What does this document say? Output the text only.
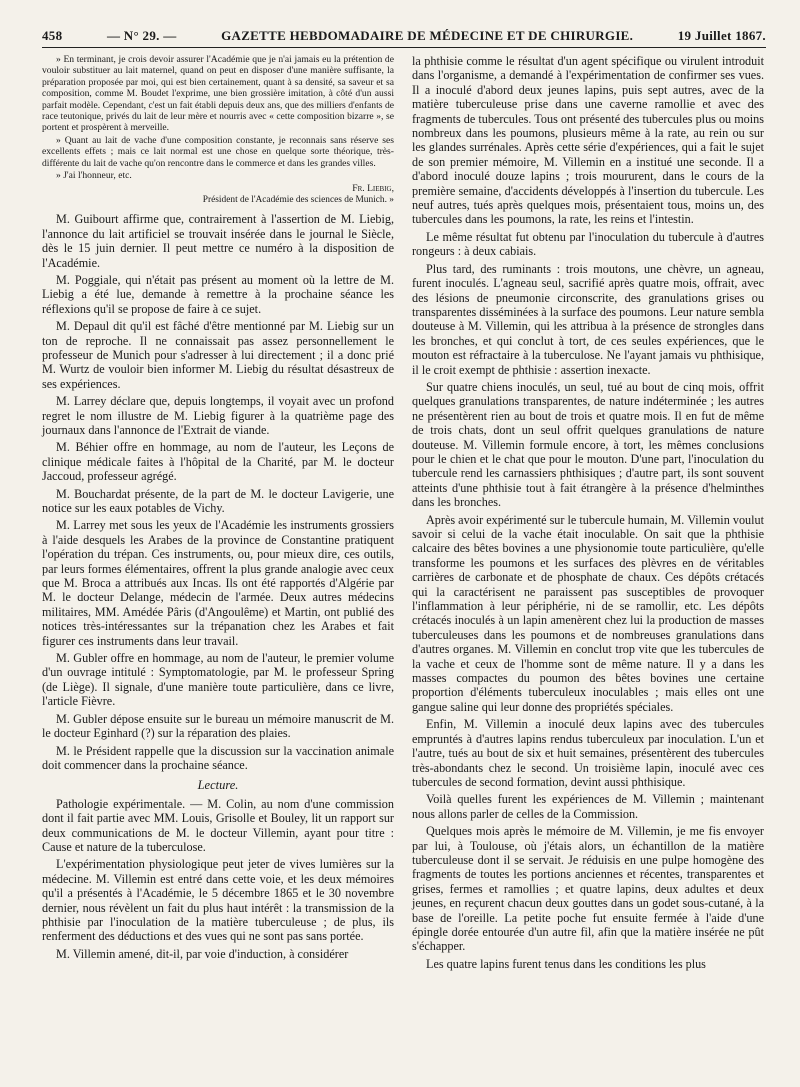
458	— N° 29. —	GAZETTE HEBDOMADAIRE DE MÉDECINE ET DE CHIRURGIE.	19 Juillet 1867.

» En terminant, je crois devoir assurer l'Académie que je n'ai jamais eu la prétention de vouloir substituer au lait maternel, quand on peut en disposer d'une manière suffisante, la préparation proposée par moi, qui est bien certainement, quant à sa densité, sa saveur et sa composition, comme M. Boudet l'exprime, une bien grossière imitation, à côté d'un aussi parfait modèle. Cependant, c'est un fait établi depuis deux ans, que des milliers d'enfants de race teutonique, privés du lait de leur mère et nourris avec « cette composition bizarre », se portent et prospèrent à merveille.

» Quant au lait de vache d'une composition constante, je reconnais sans réserve ses excellents effets ; mais ce lait normal est une chose en quelque sorte théorique, très-différente du lait de vache qu'on rencontre dans le commerce et dans les grandes villes.

» J'ai l'honneur, etc.

Fr. Liebig,
Président de l'Académie des sciences de Munich. »

M. Guibourt affirme que, contrairement à l'assertion de M. Liebig, l'annonce du lait artificiel se trouvait insérée dans le journal le Siècle, dès le 15 juin dernier. Il peut mettre ce numéro à la disposition de l'Académie.

M. Poggiale, qui n'était pas présent au moment où la lettre de M. Liebig a été lue, demande à remettre à la prochaine séance les réflexions qu'il se propose de faire à ce sujet.

M. Depaul dit qu'il est fâché d'être mentionné par M. Liebig sur un ton de reproche. Il ne connaissait pas assez personnellement le professeur de Munich pour s'adresser à lui directement ; il a donc prié M. Wurtz de vouloir bien informer M. Liebig du résultat désastreux de ses expériences.

M. Larrey déclare que, depuis longtemps, il voyait avec un profond regret le nom illustre de M. Liebig figurer à la quatrième page des journaux dans l'annonce de l'Extrait de viande.

M. Béhier offre en hommage, au nom de l'auteur, les Leçons de clinique médicale faites à l'hôpital de la Charité, par M. le docteur Jaccoud, professeur agrégé.

M. Bouchardat présente, de la part de M. le docteur Lavigerie, une notice sur les eaux potables de Vichy.

M. Larrey met sous les yeux de l'Académie les instruments grossiers à l'aide desquels les Arabes de la province de Constantine pratiquent l'opération du trépan. Ces instruments, ou, pour mieux dire, ces outils, par leurs formes élémentaires, offrent la plus grande analogie avec ceux que M. Broca a attribués aux Incas. Ils ont été rapportés d'Algérie par M. le docteur Delange, médecin de l'armée. Deux autres médecins militaires, MM. Amédée Pâris (d'Angoulême) et Martin, ont publié des notices très-intéressantes sur la trépanation chez les Arabes et fait figurer ces instruments dans leur travail.

M. Gubler offre en hommage, au nom de l'auteur, le premier volume d'un ouvrage intitulé : Symptomatologie, par M. le professeur Spring (de Liège). Il signale, d'une manière toute particulière, dans ce livre, l'article Fièvre.

M. Gubler dépose ensuite sur le bureau un mémoire manuscrit de M. le docteur Eginhard (?) sur la réparation des plaies.

M. le Président rappelle que la discussion sur la vaccination animale doit commencer dans la prochaine séance.

Lecture.

Pathologie expérimentale. — M. Colin, au nom d'une commission dont il fait partie avec MM. Louis, Grisolle et Bouley, lit un rapport sur deux communications de M. le docteur Villemin, ayant pour titre : Cause et nature de la tuberculose.

L'expérimentation physiologique peut jeter de vives lumières sur la médecine. M. Villemin est entré dans cette voie, et les deux mémoires qu'il a présentés à l'Académie, le 5 décembre 1865 et le 30 novembre dernier, nous révèlent un fait du plus haut intérêt : la transmission de la phthisie par l'inoculation de la matière tuberculeuse ; de plus, ils renferment des déductions et des vues qui ne sont pas sans portée.

M. Villemin amené, dit-il, par voie d'induction, à considérer

la phthisie comme le résultat d'un agent spécifique ou virulent introduit dans l'organisme, a demandé à l'expérimentation de confirmer ses vues. Il a inoculé d'abord deux jeunes lapins, puis sept autres, avec de la matière tuberculeuse prise dans une caverne ramollie et avec des fragments de tubercules. Tous ont présenté des tubercules plus ou moins nombreux dans les poumons, plusieurs même à la rate, au rein ou sur les glandes surrénales. Après cette série d'expériences, qui a fait le sujet de son premier mémoire, M. Villemin en a institué une seconde. Il a d'abord inoculé douze lapins ; trois moururent, dans le cours de la première semaine, d'accidents développés à l'insertion du tubercule. Les neuf autres, tués après quelques mois, présentaient tous, moins un, des tubercules dans les poumons, la rate, les reins et l'intestin.

Le même résultat fut obtenu par l'inoculation du tubercule à d'autres rongeurs : à deux cabiais.

Plus tard, des ruminants : trois moutons, une chèvre, un agneau, furent inoculés. L'agneau seul, sacrifié après quatre mois, offrait, avec des lésions de pneumonie circonscrite, des granulations grises ou transparentes disséminées à la surface des poumons. Leur nature sembla douteuse à M. Villemin, qui les attribua à la présence de strongles dans les bronches, et qui conclut à tort, de ces seules expériences, que le mouton est réfractaire à la tuberculose. Ne l'ayant jamais vu phthisique, il le croit exempt de phthisie : assertion inexacte.

Sur quatre chiens inoculés, un seul, tué au bout de cinq mois, offrit quelques granulations transparentes, de nature indéterminée ; les autres ne présentèrent rien au bout de trois et quatre mois. Il en fut de même de trois chats, dont un seul offrit quelques granulations de nature douteuse. M. Villemin formule encore, à tort, les mêmes conclusions pour le chien et le chat que pour le mouton. D'une part, l'inoculation du tubercule rend les carnassiers phthisiques ; d'autre part, ils sont souvent atteints d'une phthisie tout à fait étrangère à la présence d'helminthes dans les bronches.

Après avoir expérimenté sur le tubercule humain, M. Villemin voulut savoir si celui de la vache était inoculable. On sait que la phthisie calcaire des bêtes bovines a une physionomie toute particulière, qu'elle transforme les poumons et les surfaces des plèvres en de véritables carrières de carbonate et de phosphate de chaux. Ces dépôts crétacés qui la caractérisent ne paraissent pas susceptibles de provoquer l'inflammation à leur périphérie, ni de se ramollir, etc. Les dépôts crétacés inoculés à un lapin amenèrent chez lui la production de masses tuberculeuses dans les poumons et de nombreuses granulations dans d'autres organes. M. Villemin en conclut trop vite que les tubercules de la vache et ceux de l'homme sont de même nature. Il y a dans les masses compactes du poumon des bêtes bovines une certaine proportion d'éléments tuberculeux inoculables ; mais elles ont une gangue saline qui leur donne des propriétés spéciales.

Enfin, M. Villemin a inoculé deux lapins avec des tubercules empruntés à d'autres lapins rendus tuberculeux par inoculation. L'un et l'autre, tués au bout de six et huit semaines, présentèrent des tubercules très-abondants chez le second. Un troisième lapin, inoculé avec ces tubercules de second formation, devint aussi phthisique.

Voilà quelles furent les expériences de M. Villemin ; maintenant nous allons parler de celles de la Commission.

Quelques mois après le mémoire de M. Villemin, je me fis envoyer par lui, à Toulouse, où j'étais alors, un échantillon de la matière tuberculeuse dont il se servait. Je réduisis en une pulpe homogène des fragments de toutes les portions anciennes et récentes, transparentes et grises, fermes et ramollies ; et quatre lapins, deux adultes et deux jeunes, en reçurent chacun deux gouttes dans un godet sous-cutané, à la base de l'oreille. La petite poche fut ensuite fermée à l'aide d'une épingle dorée entourée d'un autre fil, afin que la matière insérée ne pût s'échapper.

Les quatre lapins furent tenus dans les conditions les plus
